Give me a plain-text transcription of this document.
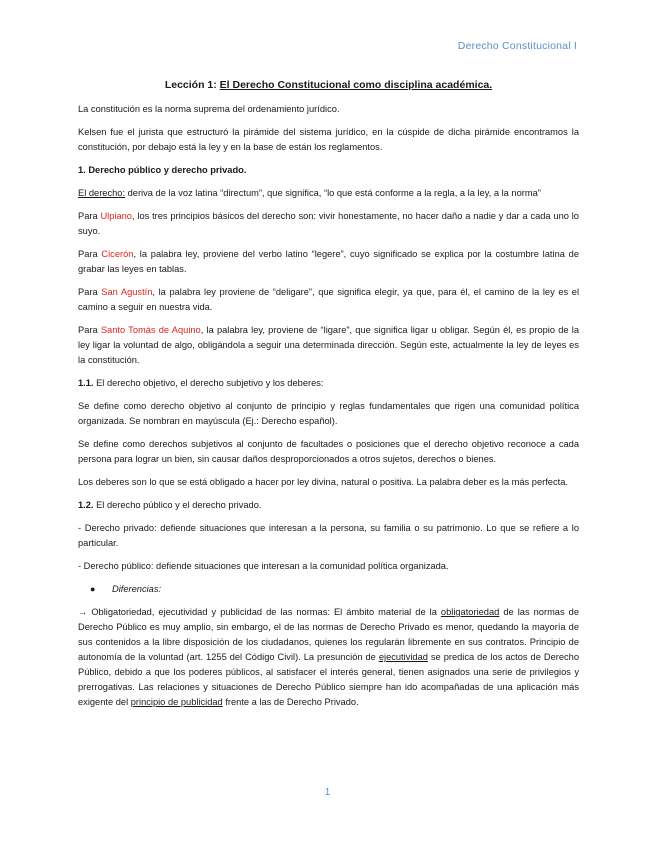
Derecho Constitucional I
Lección 1: El Derecho Constitucional como disciplina académica.

La constitución es la norma suprema del ordenamiento jurídico.

Kelsen fue el jurista que estructuró la pirámide del sistema jurídico, en la cúspide de dicha pirámide encontramos la constitución, por debajo está la ley y en la base de están los reglamentos.

1. Derecho público y derecho privado.

El derecho: deriva de la voz latina “directum”, que significa, “lo que está conforme a la regla, a la ley, a la norma”

Para Ulpiano, los tres principios básicos del derecho son: vivir honestamente, no hacer daño a nadie y dar a cada uno lo suyo.

Para Cicerón, la palabra ley, proviene del verbo latino “legere”, cuyo significado se explica por la costumbre latina de grabar las leyes en tablas.

Para San Agustín, la palabra ley proviene de “deligare”, que significa elegir, ya que, para él, el camino de la ley es el camino a seguir en nuestra vida.

Para Santo Tomás de Aquino, la palabra ley, proviene de “ligare”, que significa ligar u obligar. Según él, es propio de la ley ligar la voluntad de algo, obligándola a seguir una determinada dirección. Según este, actualmente la ley de leyes es la constitución.

1.1. El derecho objetivo, el derecho subjetivo y los deberes:

Se define como derecho objetivo al conjunto de principio y reglas fundamentales que rigen una comunidad política organizada. Se nombran en mayúscula (Ej.: Derecho español).

Se define como derechos subjetivos al conjunto de facultades o posiciones que el derecho objetivo reconoce a cada persona para lograr un bien, sin causar daños desproporcionados a otros sujetos, derechos o bienes.

Los deberes son lo que se está obligado a hacer por ley divina, natural o positiva. La palabra deber es la más perfecta.

1.2. El derecho público y el derecho privado.

- Derecho privado: defiende situaciones que interesan a la persona, su familia o su patrimonio. Lo que se refiere a lo particular.

- Derecho público: defiende situaciones que interesan a la comunidad política organizada.

●	Diferencias:

→ Obligatoriedad, ejecutividad y publicidad de las normas: El ámbito material de la obligatoriedad de las normas de Derecho Público es muy amplio, sin embargo, el de las normas de Derecho Privado es menor, quedando la mayoría de sus contenidos a la libre disposición de los ciudadanos, quienes los regularán libremente en sus contratos. Principio de autonomía de la voluntad (art. 1255 del Código Civil). La presunción de ejecutividad se predica de los actos de Derecho Público, debido a que los poderes públicos, al satisfacer el interés general, tienen asignados una serie de privilegios y prerrogativas. Las relaciones y situaciones de Derecho Público siempre han ido acompañadas de una aplicación más exigente del principio de publicidad frente a las de Derecho Privado.

1
